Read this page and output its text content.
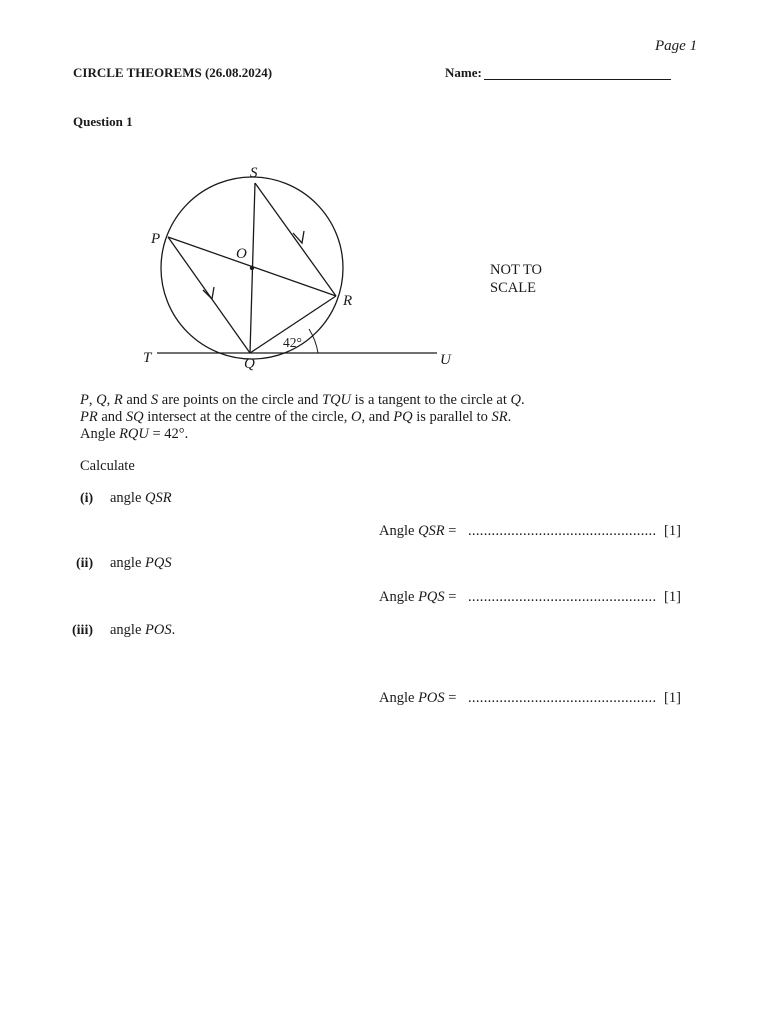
Page 1
CIRCLE THEOREMS (26.08.2024)	Name:
Question 1
S
P
O
R
T	Q	U
42°
NOT TO SCALE
P, Q, R and S are points on the circle and TQU is a tangent to the circle at Q.
PR and SQ intersect at the centre of the circle, O, and PQ is parallel to SR.
Angle RQU = 42°.
Calculate
(i) angle QSR
Angle QSR = ................................................ [1]
(ii) angle PQS
Angle PQS = ................................................ [1]
(iii) angle POS.
Angle POS = ................................................ [1]
